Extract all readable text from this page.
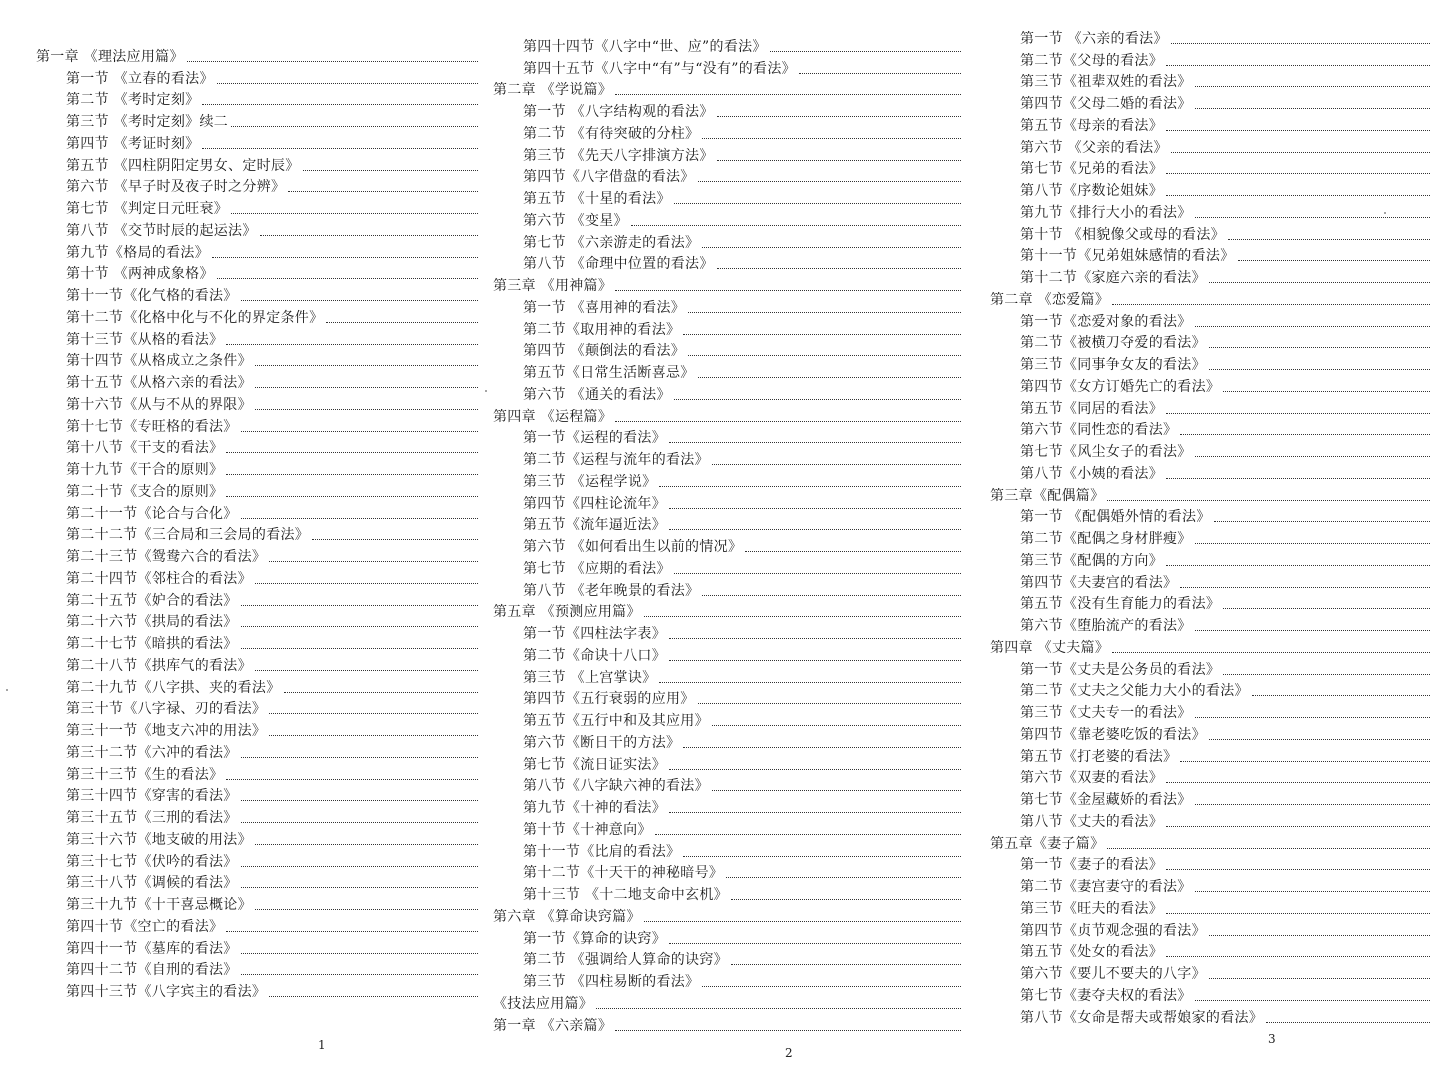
第一章 《理法应用篇》
第一节 《立春的看法》
第二节 《考时定刻》
第三节 《考时定刻》续二
第四节 《考证时刻》
第五节 《四柱阴阳定男女、定时辰》
第六节 《早子时及夜子时之分辨》
第七节 《判定日元旺衰》
第八节 《交节时辰的起运法》
第九节《格局的看法》
第十节 《两神成象格》
第十一节《化气格的看法》
第十二节《化格中化与不化的界定条件》
第十三节《从格的看法》
第十四节《从格成立之条件》
第十五节《从格六亲的看法》
第十六节《从与不从的界限》
第十七节《专旺格的看法》
第十八节《干支的看法》
第十九节《干合的原则》
第二十节《支合的原则》
第二十一节《论合与合化》
第二十二节《三合局和三会局的看法》
第二十三节《鸳鸯六合的看法》
第二十四节《邻柱合的看法》
第二十五节《妒合的看法》
第二十六节《拱局的看法》
第二十七节《暗拱的看法》
第二十八节《拱库气的看法》
第二十九节《八字拱、夹的看法》
第三十节《八字禄、刃的看法》
第三十一节《地支六冲的用法》
第三十二节《六冲的看法》
第三十三节《生的看法》
第三十四节《穿害的看法》
第三十五节《三刑的看法》
第三十六节《地支破的用法》
第三十七节《伏吟的看法》
第三十八节《调候的看法》
第三十九节《十干喜忌概论》
第四十节《空亡的看法》
第四十一节《墓库的看法》
第四十二节《自刑的看法》
第四十三节《八字宾主的看法》
第四十四节《八字中“世、应”的看法》
第四十五节《八字中“有”与“没有”的看法》
第二章 《学说篇》
第一节 《八字结构观的看法》
第二节 《有待突破的分柱》
第三节 《先天八字排演方法》
第四节《八字借盘的看法》
第五节 《十星的看法》
第六节 《变星》
第七节 《六亲游走的看法》
第八节 《命理中位置的看法》
第三章 《用神篇》
第一节 《喜用神的看法》
第二节《取用神的看法》
第四节 《颠倒法的看法》
第五节《日常生活断喜忌》
第六节 《通关的看法》
第四章 《运程篇》
第一节《运程的看法》
第二节《运程与流年的看法》
第三节 《运程学说》
第四节《四柱论流年》
第五节《流年逼近法》
第六节 《如何看出生以前的情况》
第七节 《应期的看法》
第八节 《老年晚景的看法》
第五章 《预测应用篇》
第一节《四柱法字表》
第二节《命诀十八口》
第三节 《上宫掌诀》
第四节《五行衰弱的应用》
第五节《五行中和及其应用》
第六节《断日干的方法》
第七节《流日证实法》
第八节《八字缺六神的看法》
第九节《十神的看法》
第十节《十神意向》
第十一节《比肩的看法》
第十二节《十天干的神秘暗号》
第十三节 《十二地支命中玄机》
第六章 《算命诀窍篇》
第一节《算命的诀窍》
第二节 《强调给人算命的诀窍》
第三节 《四柱易断的看法》
《技法应用篇》
第一章 《六亲篇》
第一节 《六亲的看法》
第二节《父母的看法》
第三节《祖辈双姓的看法》
第四节《父母二婚的看法》
第五节《母亲的看法》
第六节 《父亲的看法》
第七节《兄弟的看法》
第八节《序数论姐妹》
第九节《排行大小的看法》
第十节 《相貌像父或母的看法》
第十一节《兄弟姐妹感情的看法》
第十二节《家庭六亲的看法》
第二章 《恋爱篇》
第一节《恋爱对象的看法》
第二节《被横刀夺爱的看法》
第三节《同事争女友的看法》
第四节《女方订婚先亡的看法》
第五节《同居的看法》
第六节《同性恋的看法》
第七节《风尘女子的看法》
第八节《小姨的看法》
第三章《配偶篇》
第一节 《配偶婚外情的看法》
第二节《配偶之身材胖瘦》
第三节《配偶的方向》
第四节《夫妻宫的看法》
第五节《没有生育能力的看法》
第六节《堕胎流产的看法》
第四章 《丈夫篇》
第一节《丈夫是公务员的看法》
第二节《丈夫之父能力大小的看法》
第三节《丈夫专一的看法》
第四节《靠老婆吃饭的看法》
第五节《打老婆的看法》
第六节《双妻的看法》
第七节《金屋藏娇的看法》
第八节《丈夫的看法》
第五章《妻子篇》
第一节《妻子的看法》
第二节《妻宫妻守的看法》
第三节《旺夫的看法》
第四节《贞节观念强的看法》
第五节《处女的看法》
第六节《要儿不要夫的八字》
第七节《妻夺夫权的看法》
第八节《女命是帮夫或帮娘家的看法》
1
2
3
